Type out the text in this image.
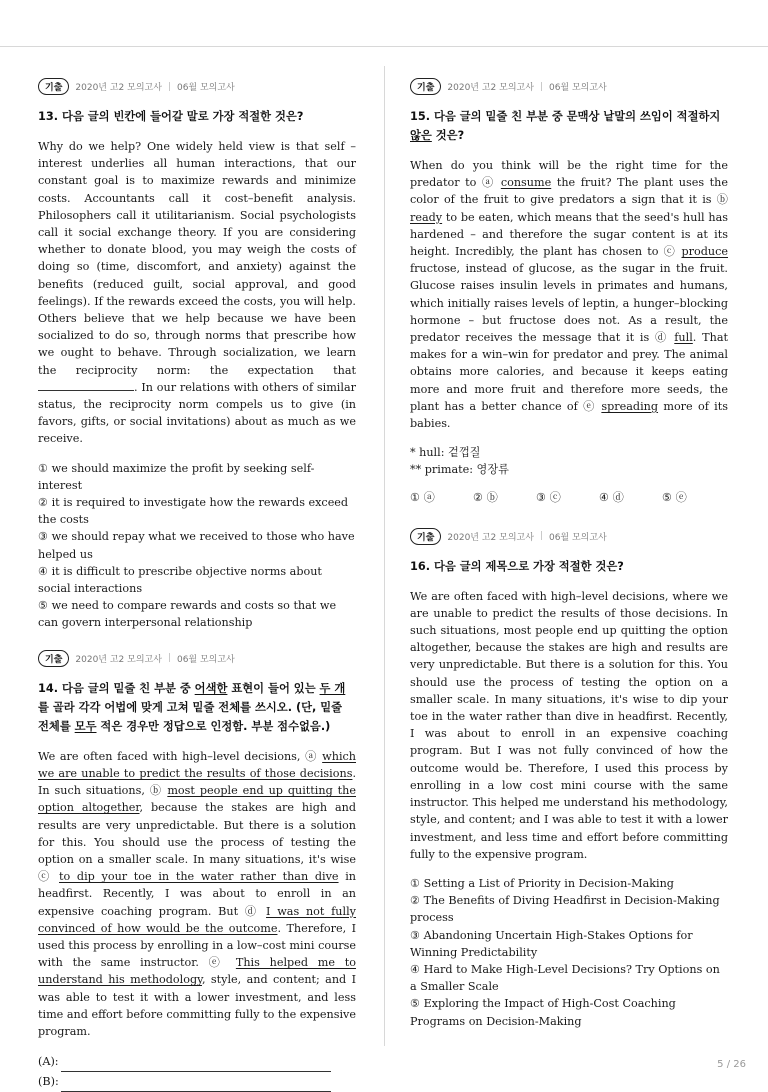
기출	2020년 고2 모의고사 | 06월 모의고사

13. 다음 글의 빈칸에 들어갈 말로 가장 적절한 것은?

Why do we help? One widely held view is that self –interest underlies all human interactions, that our constant goal is to maximize rewards and minimize costs. Accountants call it cost–benefit analysis. Philosophers call it utilitarianism. Social psychologists call it social exchange theory. If you are considering whether to donate blood, you may weigh the costs of doing so (time, discomfort, and anxiety) against the benefits (reduced guilt, social approval, and good feelings). If the rewards exceed the costs, you will help. Others believe that we help because we have been socialized to do so, through norms that prescribe how we ought to behave. Through socialization, we learn the reciprocity norm: the expectation that . In our relations with others of similar status, the reciprocity norm compels us to give (in favors, gifts, or social invitations) about as much as we receive.

① we should maximize the profit by seeking self-interest
② it is required to investigate how the rewards exceed the costs
③ we should repay what we received to those who have helped us
④ it is difficult to prescribe objective norms about social interactions
⑤ we need to compare rewards and costs so that we can govern interpersonal relationship
기출	2020년 고2 모의고사 | 06월 모의고사

14. 다음 글의 밑줄 친 부분 중 어색한 표현이 들어 있는 두 개를 골라 각각 어법에 맞게 고쳐 밑줄 전체를 쓰시오. (단, 밑줄 전체를 모두 적은 경우만 정답으로 인정함. 부분 점수없음.)

We are often faced with high–level decisions, ⓐ which we are unable to predict the results of those decisions. In such situations, ⓑ most people end up quitting the option altogether, because the stakes are high and results are very unpredictable. But there is a solution for this. You should use the process of testing the option on a smaller scale. In many situations, it's wise ⓒ to dip your toe in the water rather than dive in headfirst. Recently, I was about to enroll in an expensive coaching program. But ⓓ I was not fully convinced of how would be the outcome. Therefore, I used this process by enrolling in a low–cost mini course with the same instructor. ⓔ This helped me to understand his methodology, style, and content; and I was able to test it with a lower investment, and less time and effort before committing fully to the expensive program.

(A):
(B):
기출	2020년 고2 모의고사 | 06월 모의고사

15. 다음 글의 밑줄 친 부분 중 문맥상 낱말의 쓰임이 적절하지 않은 것은?

When do you think will be the right time for the predator to ⓐ consume the fruit? The plant uses the color of the fruit to give predators a sign that it is ⓑ ready to be eaten, which means that the seed's hull has hardened – and therefore the sugar content is at its height. Incredibly, the plant has chosen to ⓒ produce fructose, instead of glucose, as the sugar in the fruit. Glucose raises insulin levels in primates and humans, which initially raises levels of leptin, a hunger–blocking hormone – but fructose does not. As a result, the predator receives the message that it is ⓓ full. That makes for a win–win for predator and prey. The animal obtains more calories, and because it keeps eating more and more fruit and therefore more seeds, the plant has a better chance of ⓔ spreading more of its babies.

* hull: 겉껍질
** primate: 영장류
① ⓐ	② ⓑ	③ ⓒ	④ ⓓ	⑤ ⓔ
기출	2020년 고2 모의고사 | 06월 모의고사

16. 다음 글의 제목으로 가장 적절한 것은?

We are often faced with high–level decisions, where we are unable to predict the results of those decisions. In such situations, most people end up quitting the option altogether, because the stakes are high and results are very unpredictable. But there is a solution for this. You should use the process of testing the option on a smaller scale. In many situations, it's wise to dip your toe in the water rather than dive in headfirst. Recently, I was about to enroll in an expensive coaching program. But I was not fully convinced of how the outcome would be. Therefore, I used this process by enrolling in a low cost mini course with the same instructor. This helped me understand his methodology, style, and content; and I was able to test it with a lower investment, and less time and effort before committing fully to the expensive program.

① Setting a List of Priority in Decision-Making
② The Benefits of Diving Headfirst in Decision-Making process
③ Abandoning Uncertain High-Stakes Options for Winning Predictability
④ Hard to Make High-Level Decisions? Try Options on a Smaller Scale
⑤ Exploring the Impact of High-Cost Coaching Programs on Decision-Making
5 / 26
